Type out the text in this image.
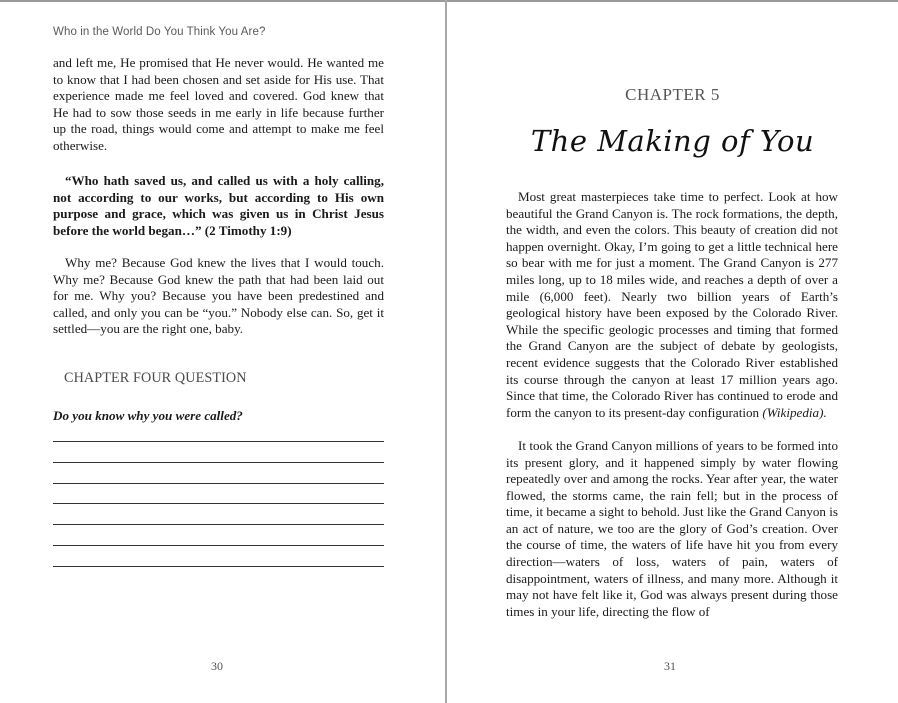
Who in the World Do You Think You Are?

and left me, He promised that He never would. He wanted me to know that I had been chosen and set aside for His use. That experience made me feel loved and covered. God knew that He had to sow those seeds in me early in life because further up the road, things would come and attempt to make me feel otherwise.

“Who hath saved us, and called us with a holy calling, not according to our works, but according to His own purpose and grace, which was given us in Christ Jesus before the world began…” (2 Timothy 1:9)

Why me? Because God knew the lives that I would touch. Why me? Because God knew the path that had been laid out for me. Why you? Because you have been predestined and called, and only you can be “you.” Nobody else can. So, get it settled—you are the right one, baby.

CHAPTER FOUR QUESTION
Do you know why you were called?
30
CHAPTER 5
The Making of You

Most great masterpieces take time to perfect. Look at how beautiful the Grand Canyon is. The rock formations, the depth, the width, and even the colors. This beauty of creation did not happen overnight. Okay, I’m going to get a little technical here so bear with me for just a moment. The Grand Canyon is 277 miles long, up to 18 miles wide, and reaches a depth of over a mile (6,000 feet). Nearly two billion years of Earth’s geological history have been exposed by the Colorado River. While the specific geologic processes and timing that formed the Grand Canyon are the subject of debate by geologists, recent evidence suggests that the Colorado River established its course through the canyon at least 17 million years ago. Since that time, the Colorado River has continued to erode and form the canyon to its present-day configuration (Wikipedia).

It took the Grand Canyon millions of years to be formed into its present glory, and it happened simply by water flowing repeatedly over and among the rocks. Year after year, the water flowed, the storms came, the rain fell; but in the process of time, it became a sight to behold. Just like the Grand Canyon is an act of nature, we too are the glory of God’s creation. Over the course of time, the waters of life have hit you from every direction—waters of loss, waters of pain, waters of disappointment, waters of illness, and many more. Although it may not have felt like it, God was always present during those times in your life, directing the flow of

31
